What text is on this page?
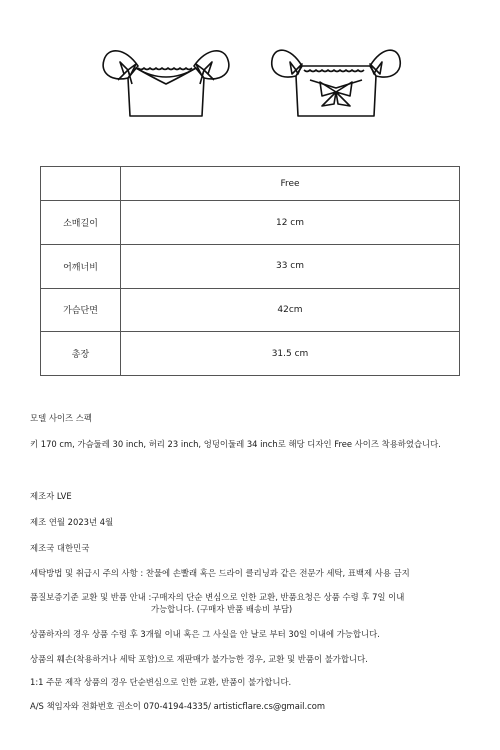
	Free
소매길이	12 cm
어깨너비	33 cm
가슴단면	42cm
총장	31.5 cm
모델 사이즈 스펙
키 170 cm, 가슴둘레 30 inch, 허리 23 inch, 엉덩이둘레 34 inch로 해당 디자인 Free 사이즈 착용하였습니다.
제조자 LVE
제조 연월 2023년 4월
제조국 대한민국
세탁방법 및 취급시 주의 사항 : 찬물에 손빨래 혹은 드라이 클리닝과 같은 전문가 세탁, 표백제 사용 금지
품질보증기준 교환 및 반품 안내 :구매자의 단순 변심으로 인한 교환, 반품요청은 상품 수령 후 7일 이내
가능합니다. (구매자 반품 배송비 부담)
상품하자의 경우 상품 수령 후 3개월 이내 혹은 그 사실을 안 날로 부터 30일 이내에 가능합니다.
상품의 훼손(착용하거나 세탁 포함)으로 재판매가 불가능한 경우, 교환 및 반품이 불가합니다.
1:1 주문 제작 상품의 경우 단순변심으로 인한 교환, 반품이 불가합니다.
A/S 책임자와 전화번호 권소이 070-4194-4335/ artisticflare.cs@gmail.com
